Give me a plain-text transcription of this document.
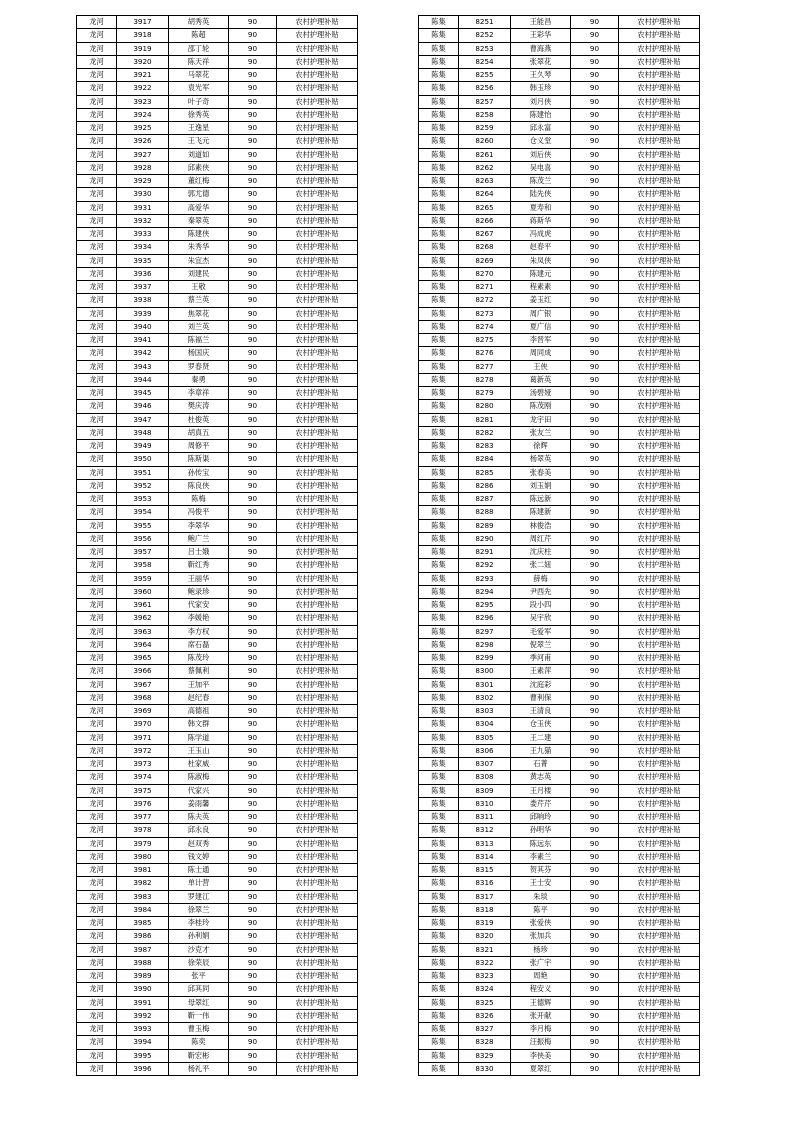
龙河	3917	胡秀英	90	农村护理补贴
龙河	3918	陈超	90	农村护理补贴
龙河	3919	邵丁轮	90	农村护理补贴
龙河	3920	陈天祥	90	农村护理补贴
龙河	3921	马翠花	90	农村护理补贴
龙河	3922	袁光军	90	农村护理补贴
龙河	3923	叶子奇	90	农村护理补贴
龙河	3924	徐秀英	90	农村护理补贴
龙河	3925	王逸星	90	农村护理补贴
龙河	3926	王飞元	90	农村护理补贴
龙河	3927	刘道如	90	农村护理补贴
龙河	3928	邱素侠	90	农村护理补贴
龙河	3929	董红梅	90	农村护理补贴
龙河	3930	郭尤德	90	农村护理补贴
龙河	3931	高爱华	90	农村护理补贴
龙河	3932	秦翠英	90	农村护理补贴
龙河	3933	陈建侠	90	农村护理补贴
龙河	3934	朱秀华	90	农村护理补贴
龙河	3935	朱宜杰	90	农村护理补贴
龙河	3936	刘建民	90	农村护理补贴
龙河	3937	王敬	90	农村护理补贴
龙河	3938	蔡兰英	90	农村护理补贴
龙河	3939	焦翠花	90	农村护理补贴
龙河	3940	刘兰英	90	农村护理补贴
龙河	3941	陈福兰	90	农村护理补贴
龙河	3942	杨国庆	90	农村护理补贴
龙河	3943	罗春贤	90	农村护理补贴
龙河	3944	秦勇	90	农村护理补贴
龙河	3945	李章祥	90	农村护理补贴
龙河	3946	樊庆涛	90	农村护理补贴
龙河	3947	杜俊英	90	农村护理补贴
龙河	3948	胡真五	90	农村护理补贴
龙河	3949	周修平	90	农村护理补贴
龙河	3950	陈斯渠	90	农村护理补贴
龙河	3951	孙传宝	90	农村护理补贴
龙河	3952	陈良侠	90	农村护理补贴
龙河	3953	陈梅	90	农村护理补贴
龙河	3954	冯俊平	90	农村护理补贴
龙河	3955	李翠华	90	农村护理补贴
龙河	3956	鲍广兰	90	农村护理补贴
龙河	3957	吕士娥	90	农村护理补贴
龙河	3958	靳红秀	90	农村护理补贴
龙河	3959	王丽华	90	农村护理补贴
龙河	3960	鲍录珍	90	农村护理补贴
龙河	3961	代家安	90	农村护理补贴
龙河	3962	李媛艳	90	农村护理补贴
龙河	3963	李方权	90	农村护理补贴
龙河	3964	席石磊	90	农村护理补贴
龙河	3965	陈茂玲	90	农村护理补贴
龙河	3966	蔡佩利	90	农村护理补贴
龙河	3967	王加平	90	农村护理补贴
龙河	3968	赵纪春	90	农村护理补贴
龙河	3969	高德祖	90	农村护理补贴
龙河	3970	韩文群	90	农村护理补贴
龙河	3971	陈学道	90	农村护理补贴
龙河	3972	王玉山	90	农村护理补贴
龙河	3973	杜家威	90	农村护理补贴
龙河	3974	陈淑梅	90	农村护理补贴
龙河	3975	代家兴	90	农村护理补贴
龙河	3976	姜雨馨	90	农村护理补贴
龙河	3977	陈夫英	90	农村护理补贴
龙河	3978	邱永良	90	农村护理补贴
龙河	3979	赵双秀	90	农村护理补贴
龙河	3980	钱文婷	90	农村护理补贴
龙河	3981	陈士通	90	农村护理补贴
龙河	3982	单计营	90	农村护理补贴
龙河	3983	罗建江	90	农村护理补贴
龙河	3984	徐翠兰	90	农村护理补贴
龙河	3985	李桂玲	90	农村护理补贴
龙河	3986	孙利娟	90	农村护理补贴
龙河	3987	沙克才	90	农村护理补贴
龙河	3988	徐荣辰	90	农村护理补贴
龙河	3989	张平	90	农村护理补贴
龙河	3990	邱其同	90	农村护理补贴
龙河	3991	母翠红	90	农村护理补贴
龙河	3992	靳一伟	90	农村护理补贴
龙河	3993	曹玉梅	90	农村护理补贴
龙河	3994	陈奕	90	农村护理补贴
龙河	3995	靳宏彬	90	农村护理补贴
龙河	3996	杨礼平	90	农村护理补贴
陈集	8251	王能昌	90	农村护理补贴
陈集	8252	王彩华	90	农村护理补贴
陈集	8253	曹海燕	90	农村护理补贴
陈集	8254	张翠花	90	农村护理补贴
陈集	8255	王久琴	90	农村护理补贴
陈集	8256	韩玉珍	90	农村护理补贴
陈集	8257	刘月侠	90	农村护理补贴
陈集	8258	陈建怡	90	农村护理补贴
陈集	8259	邱永富	90	农村护理补贴
陈集	8260	仓义堂	90	农村护理补贴
陈集	8261	刘后侠	90	农村护理补贴
陈集	8262	吴电喜	90	农村护理补贴
陈集	8263	陈茂兰	90	农村护理补贴
陈集	8264	陆先侠	90	农村护理补贴
陈集	8265	夏寿和	90	农村护理补贴
陈集	8266	蒋斯华	90	农村护理补贴
陈集	8267	冯成虎	90	农村护理补贴
陈集	8268	赵春平	90	农村护理补贴
陈集	8269	朱凤侠	90	农村护理补贴
陈集	8270	陈建元	90	农村护理补贴
陈集	8271	程素素	90	农村护理补贴
陈集	8272	姜玉红	90	农村护理补贴
陈集	8273	周广银	90	农村护理补贴
陈集	8274	夏广信	90	农村护理补贴
陈集	8275	李晋军	90	农村护理补贴
陈集	8276	周同成	90	农村护理补贴
陈集	8277	王侠	90	农村护理补贴
陈集	8278	葛新英	90	农村护理补贴
陈集	8279	汤碧娅	90	农村护理补贴
陈集	8280	陈茂刚	90	农村护理补贴
陈集	8281	龙宇田	90	农村护理补贴
陈集	8282	张友兰	90	农村护理补贴
陈集	8283	徐辉	90	农村护理补贴
陈集	8284	杨翠英	90	农村护理补贴
陈集	8285	张春美	90	农村护理补贴
陈集	8286	刘玉娟	90	农村护理补贴
陈集	8287	陈远新	90	农村护理补贴
陈集	8288	陈建新	90	农村护理补贴
陈集	8289	林俊浩	90	农村护理补贴
陈集	8290	周红芹	90	农村护理补贴
陈集	8291	沈庆柱	90	农村护理补贴
陈集	8292	张二妞	90	农村护理补贴
陈集	8293	薛梅	90	农村护理补贴
陈集	8294	尹西先	90	农村护理补贴
陈集	8295	段小四	90	农村护理补贴
陈集	8296	吴宇欣	90	农村护理补贴
陈集	8297	毛爱军	90	农村护理补贴
陈集	8298	倪翠兰	90	农村护理补贴
陈集	8299	季河甫	90	农村护理补贴
陈集	8300	王素萍	90	农村护理补贴
陈集	8301	沈庭彩	90	农村护理补贴
陈集	8302	曹利保	90	农村护理补贴
陈集	8303	王清良	90	农村护理补贴
陈集	8304	仓玉侠	90	农村护理补贴
陈集	8305	王二建	90	农村护理补贴
陈集	8306	王九猫	90	农村护理补贴
陈集	8307	石菁	90	农村护理补贴
陈集	8308	黄志英	90	农村护理补贴
陈集	8309	王月楼	90	农村护理补贴
陈集	8310	娄芹芹	90	农村护理补贴
陈集	8311	邱响玲	90	农村护理补贴
陈集	8312	孙明华	90	农村护理补贴
陈集	8313	陈远东	90	农村护理补贴
陈集	8314	李素兰	90	农村护理补贴
陈集	8315	贺其芬	90	农村护理补贴
陈集	8316	王士安	90	农村护理补贴
陈集	8317	朱琰	90	农村护理补贴
陈集	8318	陈平	90	农村护理补贴
陈集	8319	张爱侠	90	农村护理补贴
陈集	8320	张加兵	90	农村护理补贴
陈集	8321	杨珍	90	农村护理补贴
陈集	8322	张广宇	90	农村护理补贴
陈集	8323	周艳	90	农村护理补贴
陈集	8324	程安义	90	农村护理补贴
陈集	8325	王德辉	90	农村护理补贴
陈集	8326	张开献	90	农村护理补贴
陈集	8327	李月梅	90	农村护理补贴
陈集	8328	汪振梅	90	农村护理补贴
陈集	8329	李侠美	90	农村护理补贴
陈集	8330	夏翠红	90	农村护理补贴
